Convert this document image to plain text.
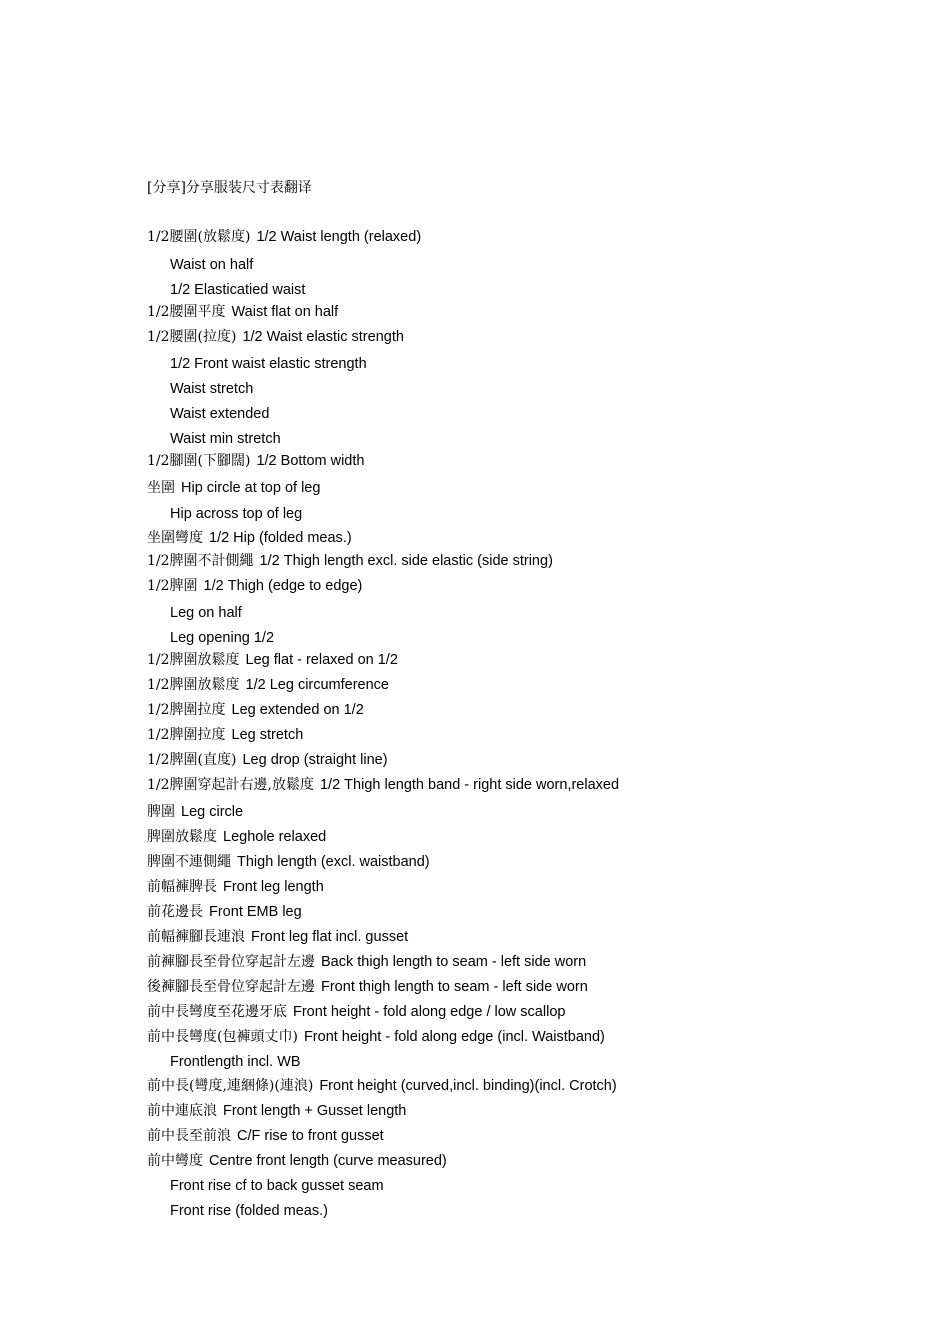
[分享]分享服装尺寸表翻译
1/2腰圍(放鬆度) 1/2 Waist length (relaxed)
Waist on half
1/2 Elasticatied waist
1/2腰圍平度 Waist flat on half
1/2腰圍(拉度) 1/2 Waist elastic strength
1/2 Front waist elastic strength
Waist stretch
Waist extended
Waist min stretch
1/2腳圍(下腳闊) 1/2 Bottom width
坐圍 Hip circle at top of leg
Hip across top of leg
坐圍彎度 1/2 Hip (folded meas.)
1/2脾圍不計側繩 1/2 Thigh length excl. side elastic (side string)
1/2脾圍 1/2 Thigh (edge to edge)
Leg on half
Leg opening 1/2
1/2脾圍放鬆度 Leg flat - relaxed on 1/2
1/2脾圍放鬆度 1/2 Leg circumference
1/2脾圍拉度 Leg extended on 1/2
1/2脾圍拉度 Leg stretch
1/2脾圍(直度) Leg drop (straight line)
1/2脾圍穿起計右邊,放鬆度 1/2 Thigh length band - right side worn,relaxed
脾圍 Leg circle
脾圍放鬆度 Leghole relaxed
脾圍不連側繩 Thigh length (excl. waistband)
前幅褲脾長 Front leg length
前花邊長 Front EMB leg
前幅褲腳長連浪 Front leg flat incl. gusset
前褲腳長至骨位穿起計左邊 Back thigh length to seam - left side worn
後褲腳長至骨位穿起計左邊 Front thigh length to seam - left side worn
前中長彎度至花邊牙底 Front height - fold along edge / low scallop
前中長彎度(包褲頭丈巾) Front height - fold along edge (incl. Waistband)
Frontlength incl. WB
前中長(彎度,連綑條)(連浪) Front height (curved,incl. binding)(incl. Crotch)
前中連底浪 Front length + Gusset length
前中長至前浪 C/F rise to front gusset
前中彎度 Centre front length (curve measured)
Front rise cf to back gusset seam
Front rise (folded meas.)
